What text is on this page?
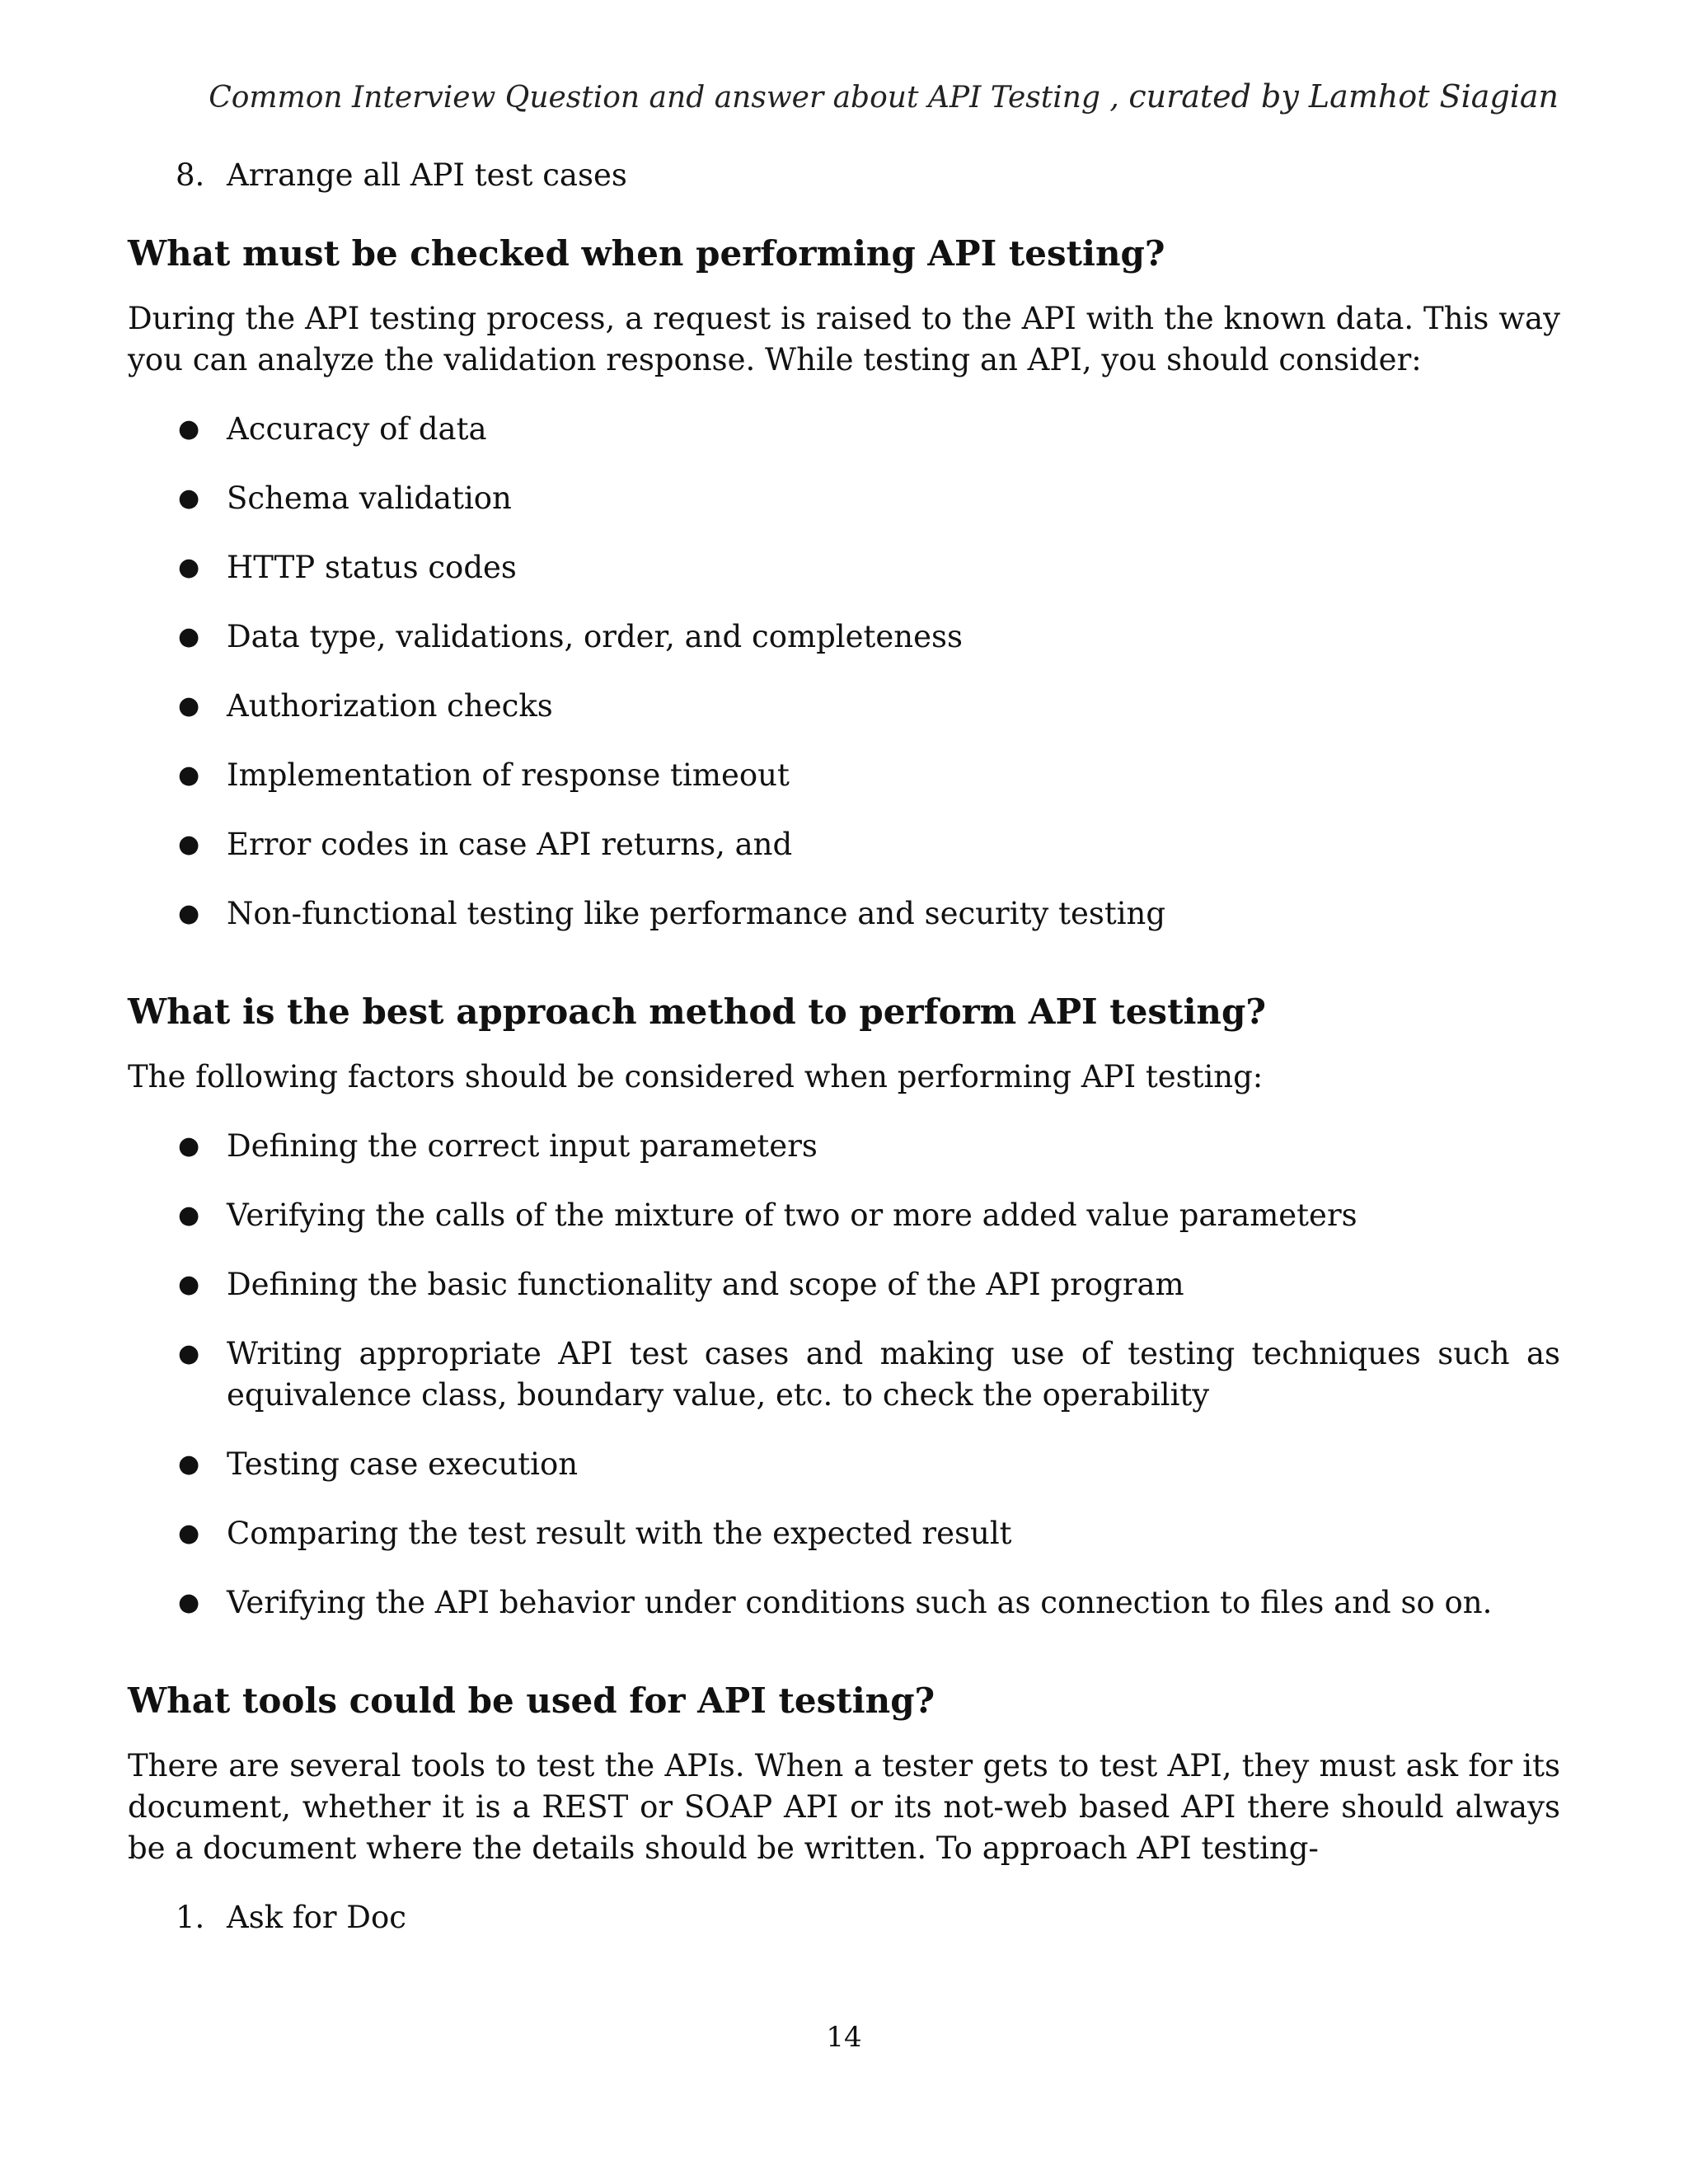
Common Interview Question and answer about API Testing , curated by Lamhot Siagian
8. Arrange all API test cases
What must be checked when performing API testing?

During the API testing process, a request is raised to the API with the known data. This way you can analyze the validation response. While testing an API, you should consider:

● Accuracy of data
● Schema validation
● HTTP status codes
● Data type, validations, order, and completeness
● Authorization checks
● Implementation of response timeout
● Error codes in case API returns, and
● Non-functional testing like performance and security testing
What is the best approach method to perform API testing?

The following factors should be considered when performing API testing:

● Defining the correct input parameters
● Verifying the calls of the mixture of two or more added value parameters
● Defining the basic functionality and scope of the API program
● Writing appropriate API test cases and making use of testing techniques such as equivalence class, boundary value, etc. to check the operability
● Testing case execution
● Comparing the test result with the expected result
● Verifying the API behavior under conditions such as connection to files and so on.
What tools could be used for API testing?

There are several tools to test the APIs. When a tester gets to test API, they must ask for its document, whether it is a REST or SOAP API or its not-web based API there should always be a document where the details should be written. To approach API testing-

1. Ask for Doc
14
